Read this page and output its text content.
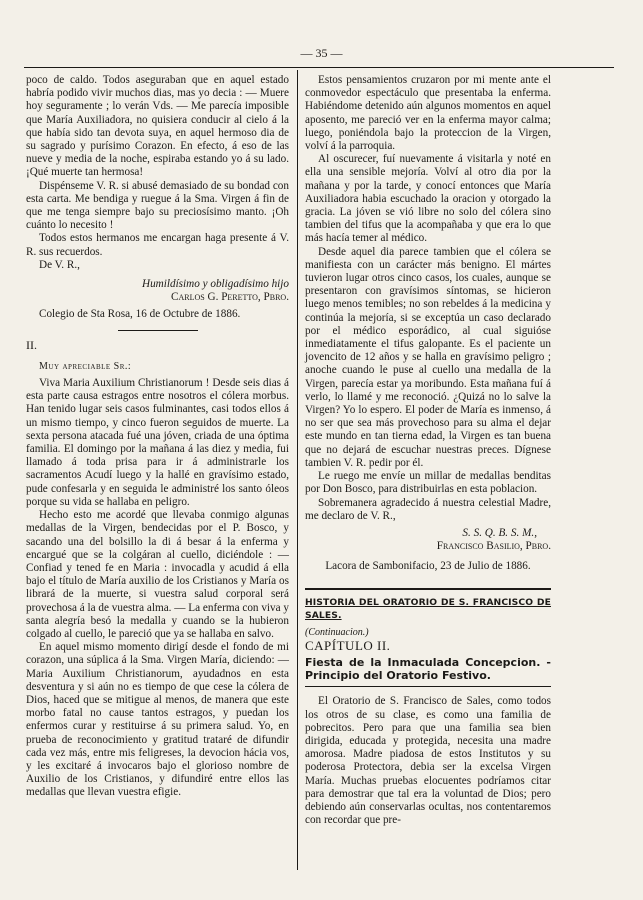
— 35 —

poco de caldo. Todos aseguraban que en aquel estado habría podido vivir muchos dias, mas yo decia : — Muere hoy seguramente ; lo verán Vds. — Me parecía imposible que María Auxiliadora, no quisiera conducir al cielo á la que había sido tan devota suya, en aquel hermoso dia de su sagrado y purísimo Corazon. En efecto, á eso de las nueve y media de la noche, espiraba estando yo á su lado. ¡Qué muerte tan hermosa!

Dispénseme V. R. si abusé demasiado de su bondad con esta carta. Me bendiga y ruegue á la Sma. Virgen á fin de que me tenga siempre bajo su preciosísimo manto. ¡Oh cuánto lo necesito !

Todos estos hermanos me encargan haga presente á V. R. sus recuerdos.

De V. R.,

Humildísimo y obligadísimo hijo

Carlos G. Peretto, Pbro.

Colegio de Sta Rosa, 16 de Octubre de 1886.

II.

Muy apreciable Sr.:

Viva Maria Auxilium Christianorum ! Desde seis dias á esta parte causa estragos entre nosotros el cólera morbus. Han tenido lugar seis casos fulminantes, casi todos ellos á un mismo tiempo, y cinco fueron seguidos de muerte. La sexta persona atacada fué una jóven, criada de una óptima familia. El domingo por la mañana á las diez y media, fui llamado á toda prisa para ir á administrarle los sacramentos Acudí luego y la hallé en gravísimo estado, pude confesarla y en seguida le administré los santo óleos porque su vida se hallaba en peligro.

Hecho esto me acordé que llevaba conmigo algunas medallas de la Virgen, bendecidas por el P. Bosco, y sacando una del bolsillo la di á besar á la enferma y encargué que se la colgáran al cuello, diciéndole : — Confiad y tened fe en Maria : invocadla y acudid á ella bajo el título de María auxilio de los Cristianos y María os librará de la muerte, si vuestra salud corporal será provechosa á la de vuestra alma. — La enferma con viva y santa alegría besó la medalla y cuando se la hubieron colgado al cuello, le pareció que ya se hallaba en salvo.

En aquel mismo momento dirigí desde el fondo de mi corazon, una súplica á la Sma. Virgen María, diciendo: — Maria Auxilium Christianorum, ayudadnos en esta desventura y si aún no es tiempo de que cese la cólera de Dios, haced que se mitigue al menos, de manera que este morbo fatal no cause tantos estragos, y puedan los enfermos curar y restituirse á su primera salud. Yo, en prueba de reconocimiento y gratitud trataré de difundir cada vez más, entre mis feligreses, la devocion hácia vos, y les excitaré á invocaros bajo el glorioso nombre de Auxilio de los Cristianos, y difundiré entre ellos las medallas que llevan vuestra efigie.

Estos pensamientos cruzaron por mi mente ante el conmovedor espectáculo que presentaba la enferma. Habiéndome detenido aún algunos momentos en aquel aposento, me pareció ver en la enferma mayor calma; luego, poniéndola bajo la proteccion de la Virgen, volví á la parroquia.

Al oscurecer, fuí nuevamente á visitarla y noté en ella una sensible mejoría. Volví al otro dia por la mañana y por la tarde, y conocí entonces que María Auxiliadora habia escuchado la oracion y otorgado la gracia. La jóven se vió libre no solo del cólera sino tambien del tifus que la acompañaba y que era lo que más hacía temer al médico.

Desde aquel dia parece tambien que el cólera se manifiesta con un carácter más benigno. El mártes tuvieron lugar otros cinco casos, los cuales, aunque se presentaron con gravísimos síntomas, se hicieron luego menos temibles; no son rebeldes á la medicina y continúa la mejoría, si se exceptúa un caso declarado por el médico esporádico, al cual siguióse inmediatamente el tifus galopante. Es el paciente un jovencito de 12 años y se halla en gravísimo peligro ; anoche cuando le puse al cuello una medalla de la Virgen, parecía estar ya moribundo. Esta mañana fuí á verlo, lo llamé y me reconoció. ¿Quizá no lo salve la Virgen? Yo lo espero. El poder de María es inmenso, á no ser que sea más provechoso para su alma el dejar este mundo en tan tierna edad, la Virgen es tan buena que no dejará de escuchar nuestras preces. Dígnese tambien V. R. pedir por él.

Le ruego me envíe un millar de medallas benditas por Don Bosco, para distribuirlas en esta poblacion.

Sobremanera agradecido á nuestra celestial Madre, me declaro de V. R.,

S. S. Q. B. S. M.,

Francisco Basilio, Pbro.

Lacora de Sambonifacio, 23 de Julio de 1886.

HISTORIA DEL ORATORIO DE S. FRANCISCO DE SALES.

(Continuacion.)

CAPÍTULO II.

Fiesta de la Inmaculada Concepcion. - Principio del Oratorio Festivo.

El Oratorio de S. Francisco de Sales, como todos los otros de su clase, es como una familia de pobrecitos. Pero para que una familia sea bien dirigida, educada y protegida, necesita una madre amorosa. Madre piadosa de estos Institutos y su poderosa Protectora, debia ser la excelsa Virgen María. Muchas pruebas elocuentes podríamos citar para demostrar que tal era la voluntad de Dios; pero debiendo aún conservarlas ocultas, nos contentaremos con recordar que pre-
